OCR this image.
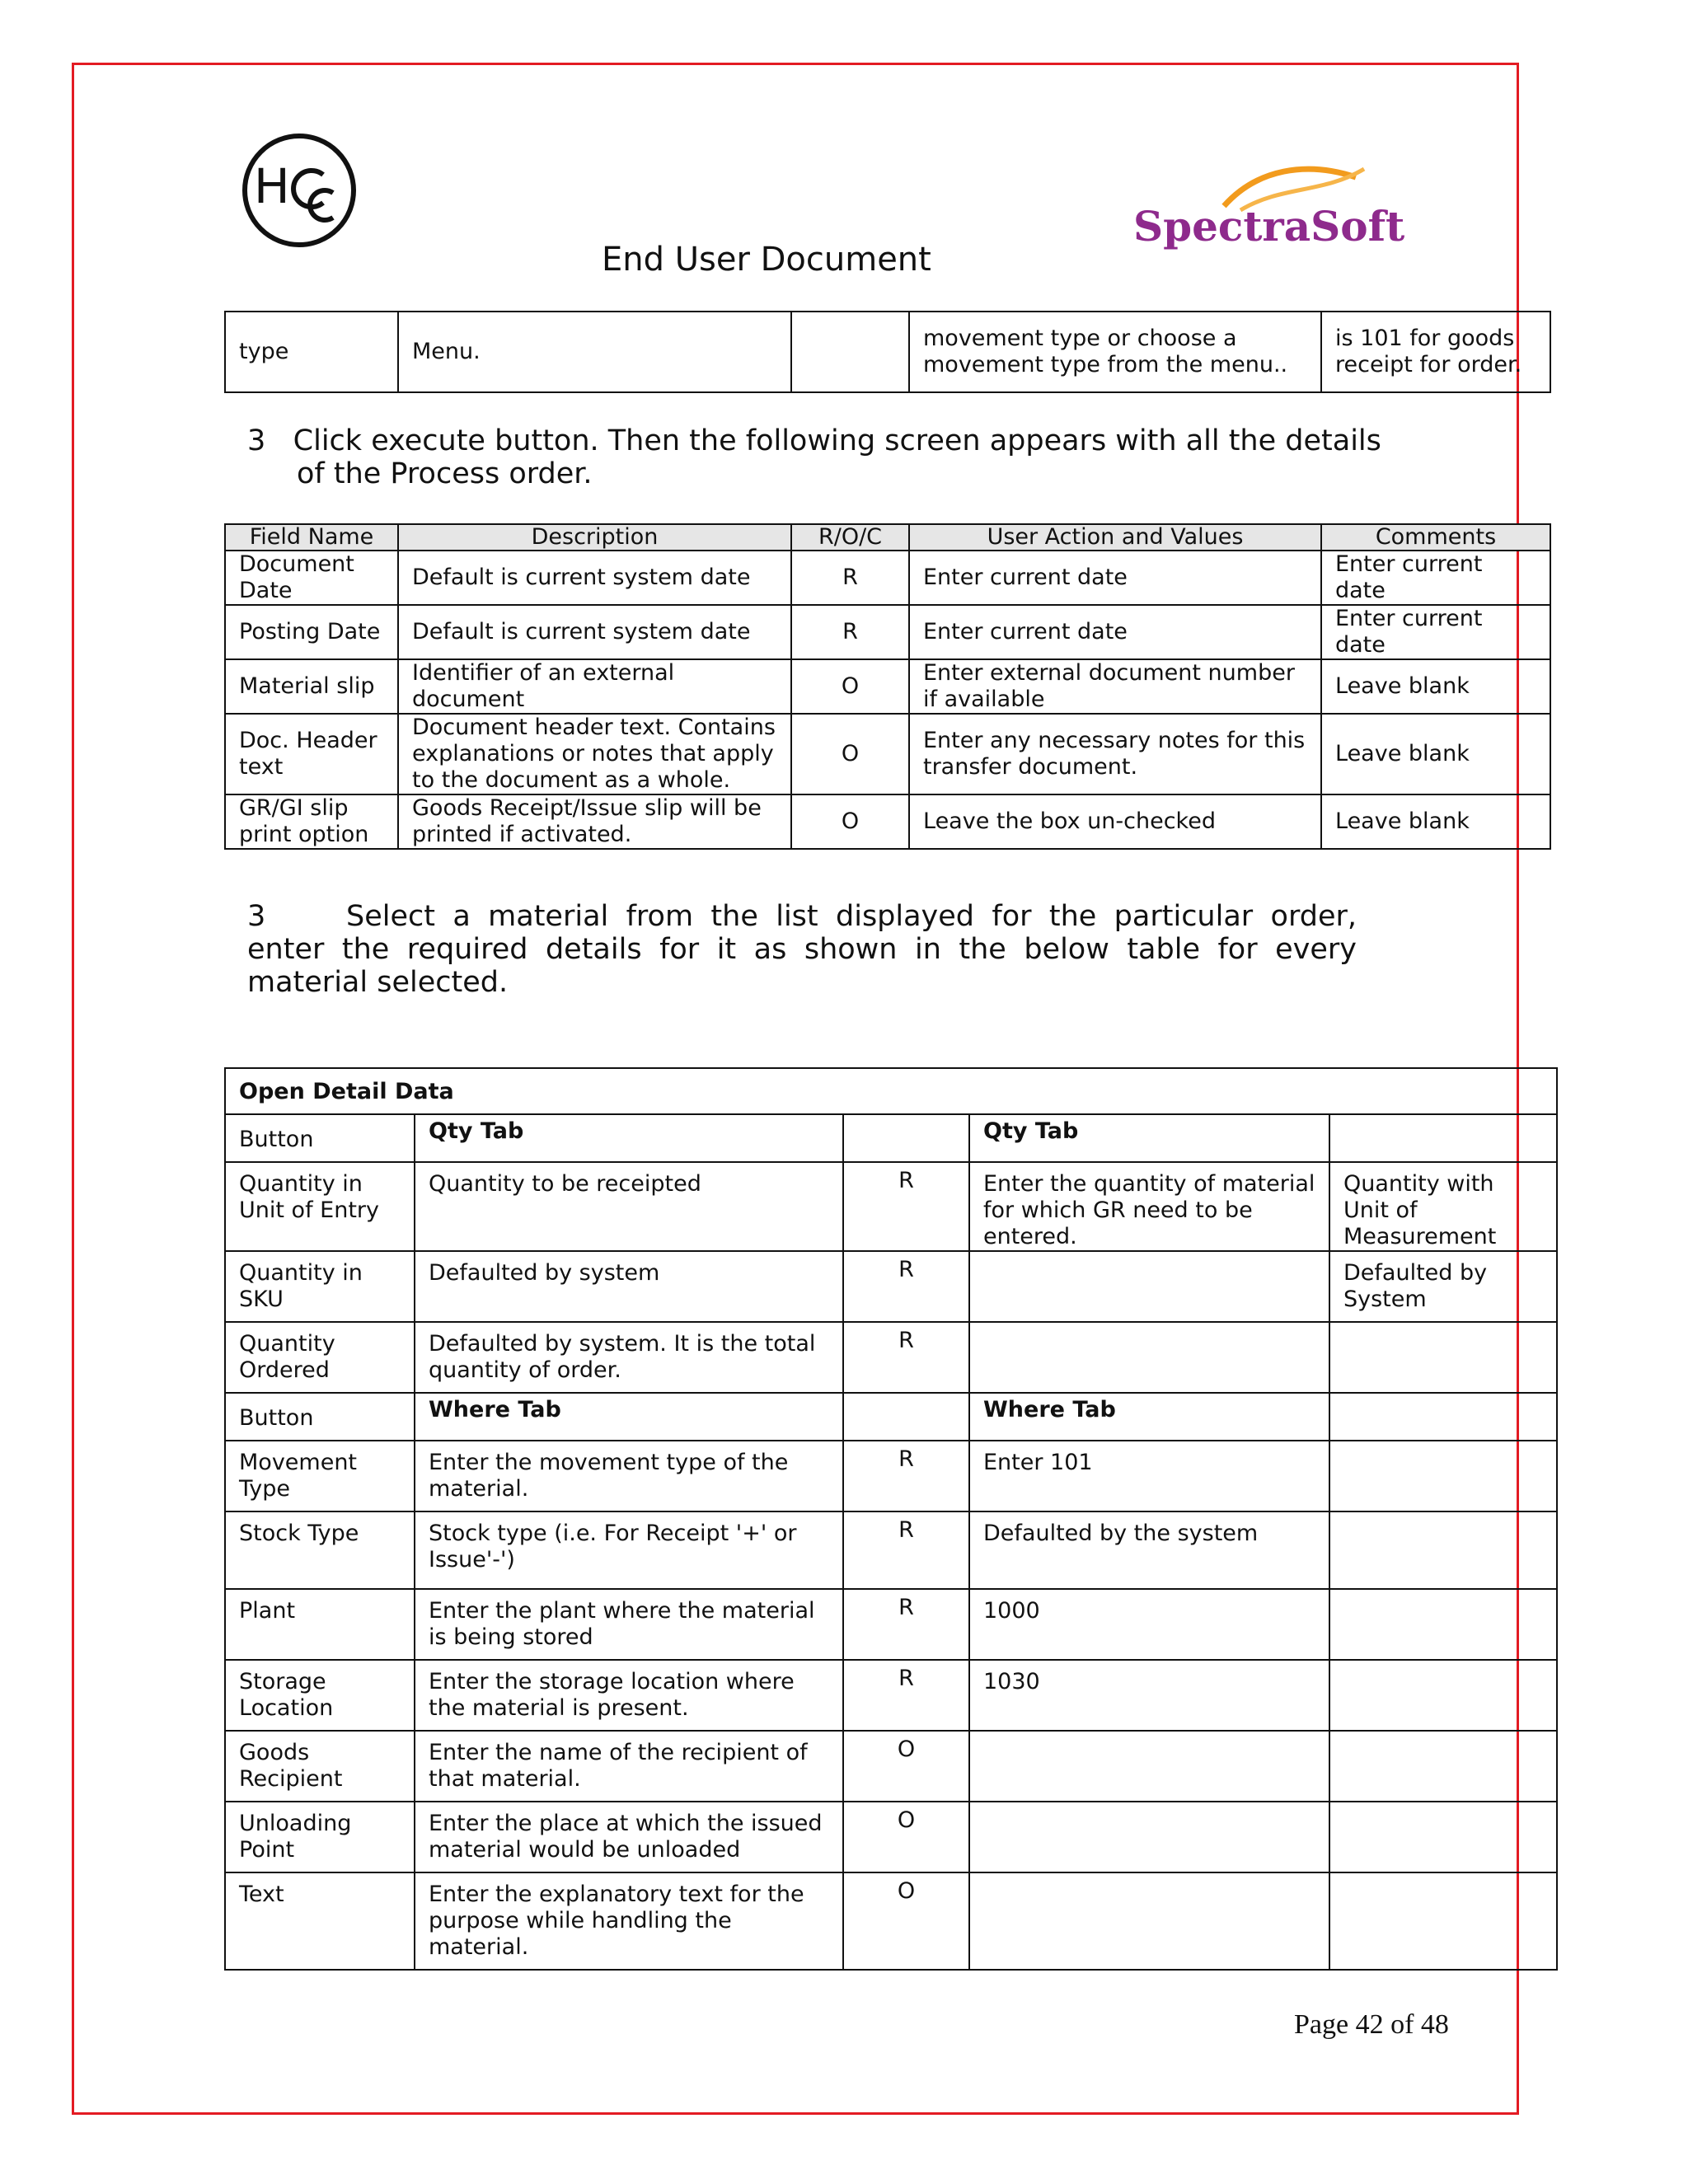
H
SpectraSoft
End User Document
type	Menu.		movement type or choose a movement type from the menu..	is 101 for goods receipt for order.
3 Click execute button. Then the following screen appears with all the details
of the Process order.
Field Name	Description	R/O/C	User Action and Values	Comments
Document Date	Default is current system date	R	Enter current date	Enter current date
Posting Date	Default is current system date	R	Enter current date	Enter current date
Material slip	Identifier of an external document	O	Enter external document number if available	Leave blank
Doc. Header text	Document header text. Contains explanations or notes that apply to the document as a whole.	O	Enter any necessary notes for this transfer document.	Leave blank
GR/GI slip print option	Goods Receipt/Issue slip will be printed if activated.	O	Leave the box un-checked	Leave blank
3	Select a material from the list displayed for the particular order, enter the required details for it as shown in the below table for every material selected.
Open Detail Data				
Button	Qty Tab		Qty Tab	
Quantity in Unit of Entry	Quantity to be receipted	R	Enter the quantity of material for which GR need to be entered.	Quantity with Unit of Measurement
Quantity in SKU	Defaulted by system	R		Defaulted by System
Quantity Ordered	Defaulted by system. It is the total quantity of order.	R		
Button	Where Tab		Where Tab	
Movement Type	Enter the movement type of the material.	R	Enter 101	
Stock Type	Stock type (i.e. For Receipt '+' or Issue'-')	R	Defaulted by the system	
Plant	Enter the plant where the material is being stored	R	1000	
Storage Location	Enter the storage location where the material is present.	R	1030	
Goods Recipient	Enter the name of the recipient of that material.	O		
Unloading Point	Enter the place at which the issued material would be unloaded	O		
Text	Enter the explanatory text for the purpose while handling the material.	O		
Page 42 of 48
